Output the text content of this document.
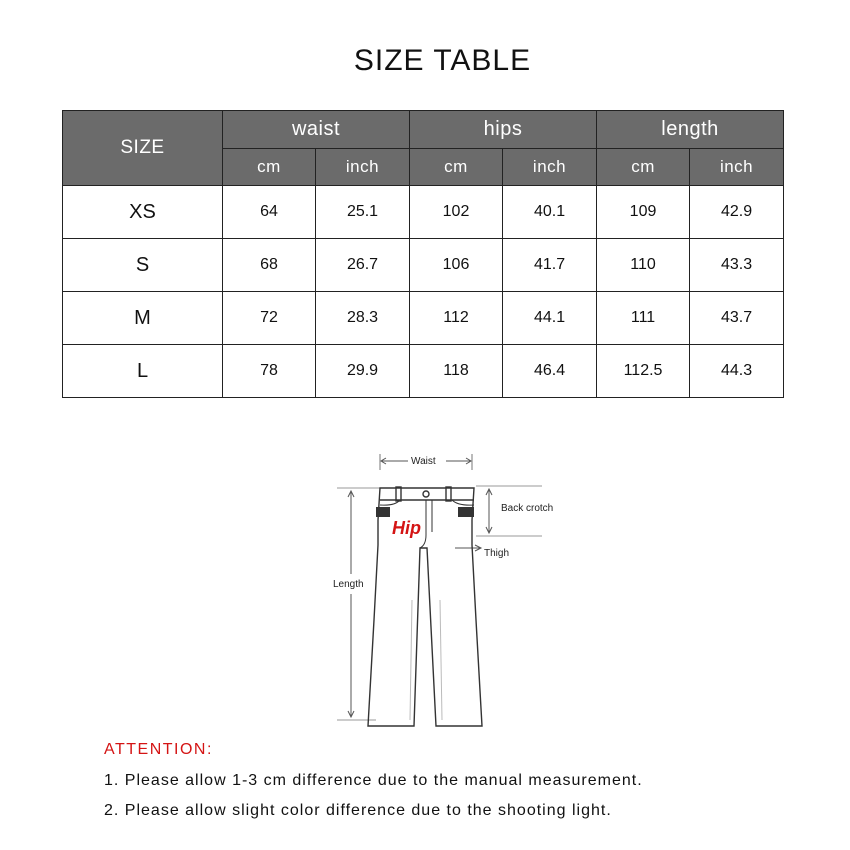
SIZE TABLE
SIZE	waist		hips		length	
	cm	inch	cm	inch	cm	inch
XS	64	25.1	102	40.1	109	42.9
S	68	26.7	106	41.7	110	43.3
M	72	28.3	112	44.1	111	43.7
L	78	29.9	118	46.4	112.5	44.3
Waist
Back crotch
Thigh
Length
Hip
ATTENTION:
1. Please allow 1-3 cm difference due to the manual measurement.
2. Please allow slight color difference due to the shooting light.
